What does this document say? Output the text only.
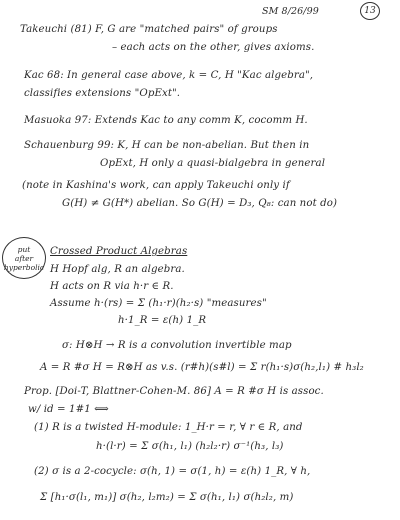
SM 8/26/99	13
Takeuchi (81) F, G are "matched pairs" of groups
– each acts on the other, gives axioms.
Kac 68: In general case above, k = C, H "Kac algebra",
classifies extensions "OpExt".
Masuoka 97: Extends Kac to any comm K, cocomm H.
Schauenburg 99: K, H can be non-abelian. But then in
OpExt, H only a quasi-bialgebra in general
(note in Kashina's work, can apply Takeuchi only if
G(H) ≠ G(H*) abelian. So G(H) = D₃, Q₈: can not do)
put
after
hyperbolic
Crossed Product Algebras
H Hopf alg, R an algebra.
H acts on R via h·r ∈ R.
Assume h·(rs) = Σ (h₁·r)(h₂·s) "measures"
h·1_R = ε(h) 1_R
σ: H⊗H → R is a convolution invertible map
A = R #σ H = R⊗H as v.s. (r#h)(s#l) = Σ r(h₁·s)σ(h₂,l₁) # h₃l₂
Prop. [Doi-T, Blattner-Cohen-M. 86] A = R #σ H is assoc.
w/ id = 1#1 ⟺
(1) R is a twisted H-module: 1_H·r = r, ∀ r ∈ R, and
h·(l·r) = Σ σ(h₁, l₁) (h₂l₂·r) σ⁻¹(h₃, l₃)
(2) σ is a 2-cocycle: σ(h, 1) = σ(1, h) = ε(h) 1_R, ∀ h,
Σ [h₁·σ(l₁, m₁)] σ(h₂, l₂m₂) = Σ σ(h₁, l₁) σ(h₂l₂, m)
